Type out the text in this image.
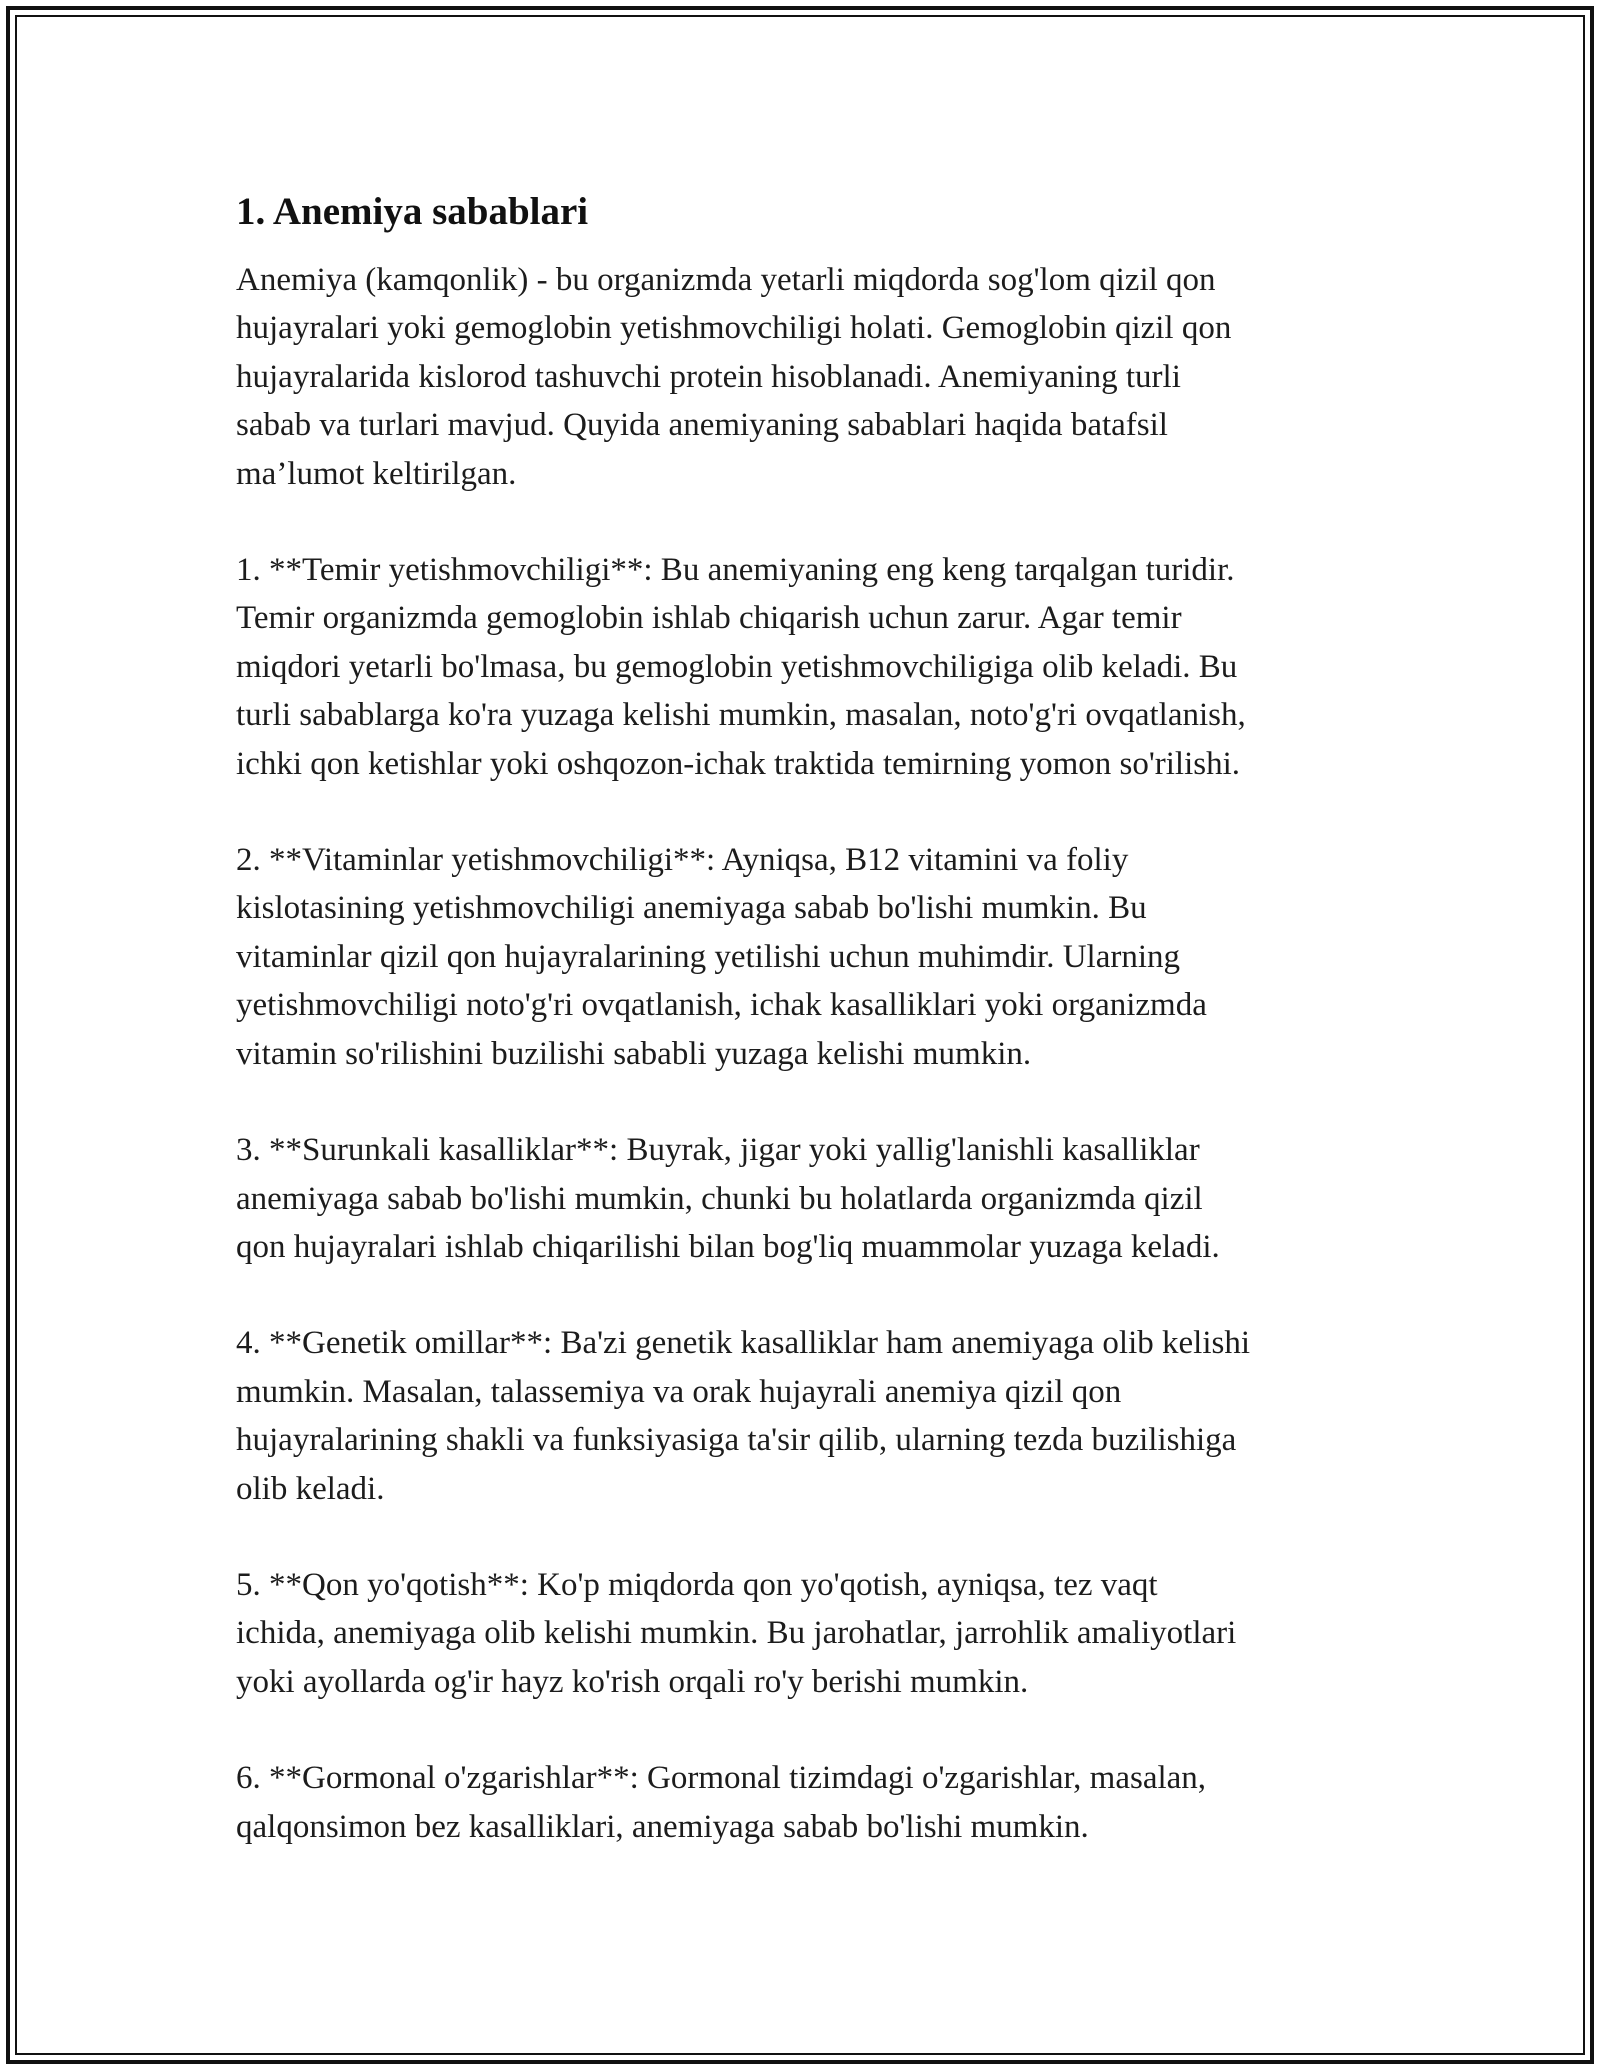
1. Anemiya sabablari

Anemiya (kamqonlik) - bu organizmda yetarli miqdorda sog'lom qizil qon
hujayralari yoki gemoglobin yetishmovchiligi holati. Gemoglobin qizil qon
hujayralarida kislorod tashuvchi protein hisoblanadi. Anemiyaning turli
sabab va turlari mavjud. Quyida anemiyaning sabablari haqida batafsil
ma’lumot keltirilgan.

1. **Temir yetishmovchiligi**: Bu anemiyaning eng keng tarqalgan turidir.
Temir organizmda gemoglobin ishlab chiqarish uchun zarur. Agar temir
miqdori yetarli bo'lmasa, bu gemoglobin yetishmovchiligiga olib keladi. Bu
turli sabablarga ko'ra yuzaga kelishi mumkin, masalan, noto'g'ri ovqatlanish,
ichki qon ketishlar yoki oshqozon-ichak traktida temirning yomon so'rilishi.

2. **Vitaminlar yetishmovchiligi**: Ayniqsa, B12 vitamini va foliy
kislotasining yetishmovchiligi anemiyaga sabab bo'lishi mumkin. Bu
vitaminlar qizil qon hujayralarining yetilishi uchun muhimdir. Ularning
yetishmovchiligi noto'g'ri ovqatlanish, ichak kasalliklari yoki organizmda
vitamin so'rilishini buzilishi sababli yuzaga kelishi mumkin.

3. **Surunkali kasalliklar**: Buyrak, jigar yoki yallig'lanishli kasalliklar
anemiyaga sabab bo'lishi mumkin, chunki bu holatlarda organizmda qizil
qon hujayralari ishlab chiqarilishi bilan bog'liq muammolar yuzaga keladi.

4. **Genetik omillar**: Ba'zi genetik kasalliklar ham anemiyaga olib kelishi
mumkin. Masalan, talassemiya va orak hujayrali anemiya qizil qon
hujayralarining shakli va funksiyasiga ta'sir qilib, ularning tezda buzilishiga
olib keladi.

5. **Qon yo'qotish**: Ko'p miqdorda qon yo'qotish, ayniqsa, tez vaqt
ichida, anemiyaga olib kelishi mumkin. Bu jarohatlar, jarrohlik amaliyotlari
yoki ayollarda og'ir hayz ko'rish orqali ro'y berishi mumkin.

6. **Gormonal o'zgarishlar**: Gormonal tizimdagi o'zgarishlar, masalan,
qalqonsimon bez kasalliklari, anemiyaga sabab bo'lishi mumkin.
